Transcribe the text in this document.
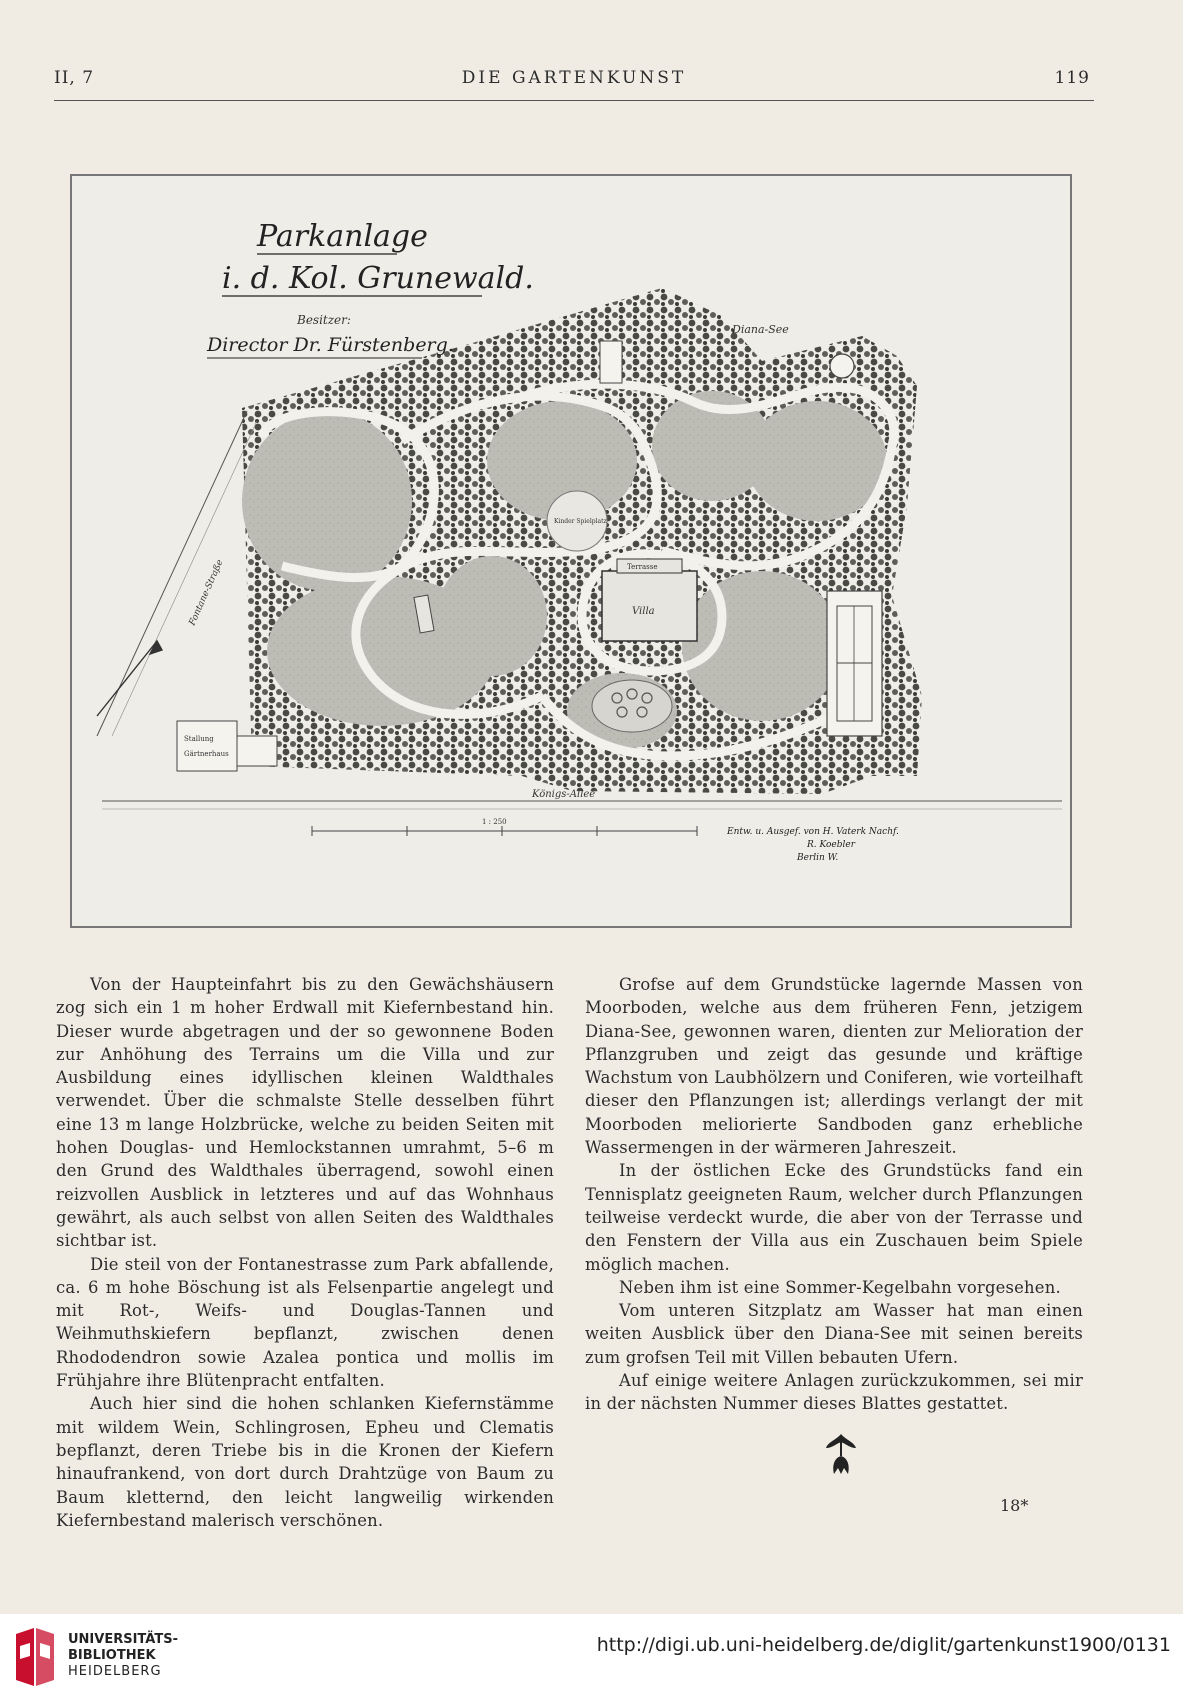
II, 7	DIE GARTENKUNST	119
Parkanlage
i. d. Kol. Grunewald.
Besitzer:
Director Dr. Fürstenberg.
Diana-See
Villa
Terrasse
Kinder Spielplatz
Stallung
Gärtnerhaus
Königs-Allee
Fontane-Straße
1 : 250
Entw. u. Ausgef. von H. Vaterk Nachf.
R. Koebler
Berlin W.

Von der Haupteinfahrt bis zu den Gewächshäusern zog sich ein 1 m hoher Erdwall mit Kiefernbestand hin. Dieser wurde abgetragen und der so gewonnene Boden zur Anhöhung des Terrains um die Villa und zur Ausbildung eines idyllischen kleinen Waldthales verwendet. Über die schmalste Stelle desselben führt eine 13 m lange Holzbrücke, welche zu beiden Seiten mit hohen Douglas- und Hemlockstannen umrahmt, 5–6 m den Grund des Waldthales überragend, sowohl einen reizvollen Ausblick in letzteres und auf das Wohnhaus gewährt, als auch selbst von allen Seiten des Waldthales sichtbar ist.

Die steil von der Fontanestrasse zum Park abfallende, ca. 6 m hohe Böschung ist als Felsenpartie angelegt und mit Rot-, Weifs- und Douglas-Tannen und Weihmuthskiefern bepflanzt, zwischen denen Rhododendron sowie Azalea pontica und mollis im Frühjahre ihre Blütenpracht entfalten.

Auch hier sind die hohen schlanken Kiefernstämme mit wildem Wein, Schlingrosen, Epheu und Clematis bepflanzt, deren Triebe bis in die Kronen der Kiefern hinaufrankend, von dort durch Drahtzüge von Baum zu Baum kletternd, den leicht langweilig wirkenden Kiefernbestand malerisch verschönen.

Grofse auf dem Grundstücke lagernde Massen von Moorboden, welche aus dem früheren Fenn, jetzigem Diana-See, gewonnen waren, dienten zur Melioration der Pflanzgruben und zeigt das gesunde und kräftige Wachstum von Laubhölzern und Coniferen, wie vorteilhaft dieser den Pflanzungen ist; allerdings verlangt der mit Moorboden meliorierte Sandboden ganz erhebliche Wassermengen in der wärmeren Jahreszeit.

In der östlichen Ecke des Grundstücks fand ein Tennisplatz geeigneten Raum, welcher durch Pflanzungen teilweise verdeckt wurde, die aber von der Terrasse und den Fenstern der Villa aus ein Zuschauen beim Spiele möglich machen.

Neben ihm ist eine Sommer-Kegelbahn vorgesehen.

Vom unteren Sitzplatz am Wasser hat man einen weiten Ausblick über den Diana-See mit seinen bereits zum grofsen Teil mit Villen bebauten Ufern.

Auf einige weitere Anlagen zurückzukommen, sei mir in der nächsten Nummer dieses Blattes gestattet.

18*
UNIVERSITÄTS-
BIBLIOTHEK
HEIDELBERG
http://digi.ub.uni-heidelberg.de/diglit/gartenkunst1900/0131
